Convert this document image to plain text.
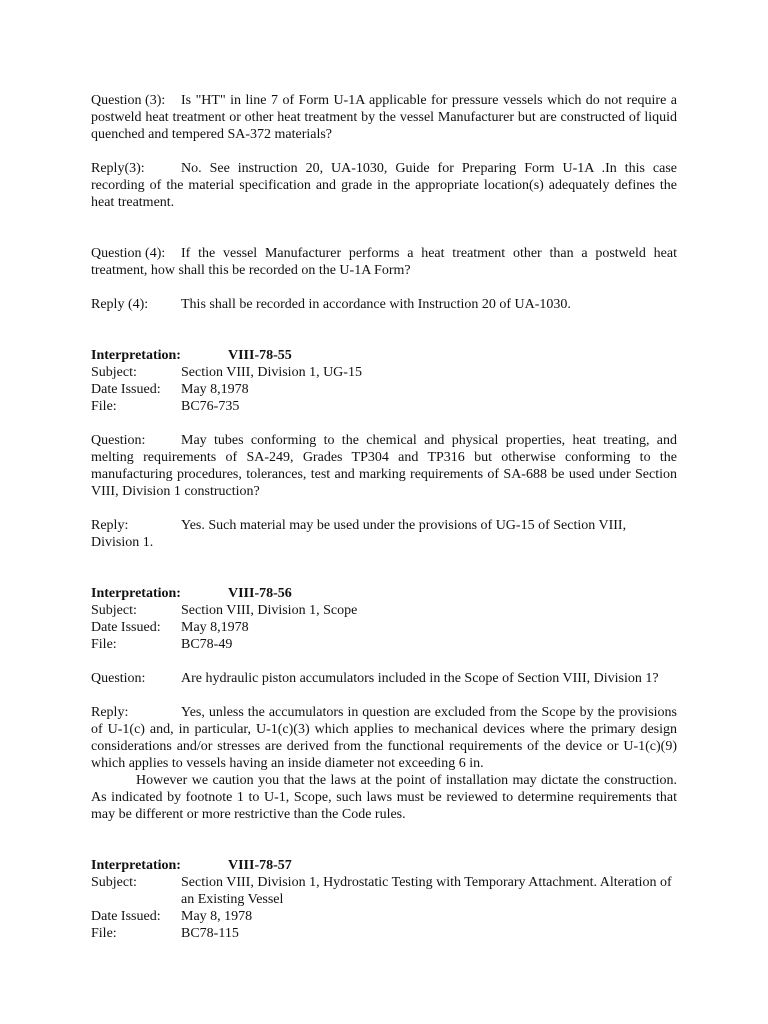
Question (3): Is "HT" in line 7 of Form U-1A applicable for pressure vessels which do not require a postweld heat treatment or other heat treatment by the vessel Manufacturer but are constructed of liquid quenched and tempered SA-372 materials?

Reply(3):	No. See instruction 20, UA-1030, Guide for Preparing Form U-1A .In this case recording of the material specification and grade in the appropriate location(s) adequately defines the heat treatment.

Question (4): If the vessel Manufacturer performs a heat treatment other than a postweld heat treatment, how shall this be recorded on the U-1A Form?

Reply (4): This shall be recorded in accordance with Instruction 20 of UA-1030.

Interpretation:	VIII-78-55
Subject:	Section VIII, Division 1, UG-15
Date Issued:	May 8,1978
File:	BC76-735

Question:	May tubes conforming to the chemical and physical properties, heat treating, and melting requirements of SA-249, Grades TP304 and TP316 but otherwise conforming to the manufacturing procedures, tolerances, test and marking requirements of SA-688 be used under Section VIII, Division 1 construction?

Reply:	Yes. Such material may be used under the provisions of UG-15 of Section VIII,
Division 1.

Interpretation:	VIII-78-56
Subject:	Section VIII, Division 1, Scope
Date Issued:	May 8,1978
File:	BC78-49

Question:	Are hydraulic piston accumulators included in the Scope of Section VIII, Division 1?

Reply:	Yes, unless the accumulators in question are excluded from the Scope by the provisions of U-1(c) and, in particular, U-1(c)(3) which applies to mechanical devices where the primary design considerations and/or stresses are derived from the functional requirements of the device or U-1(c)(9) which applies to vessels having an inside diameter not exceeding 6 in.

However we caution you that the laws at the point of installation may dictate the construction. As indicated by footnote 1 to U-1, Scope, such laws must be reviewed to determine requirements that may be different or more restrictive than the Code rules.

Interpretation:	VIII-78-57
Subject:	Section VIII, Division 1, Hydrostatic Testing with Temporary Attachment. Alteration of an Existing Vessel
Date Issued:	May 8, 1978
File:	BC78-115
